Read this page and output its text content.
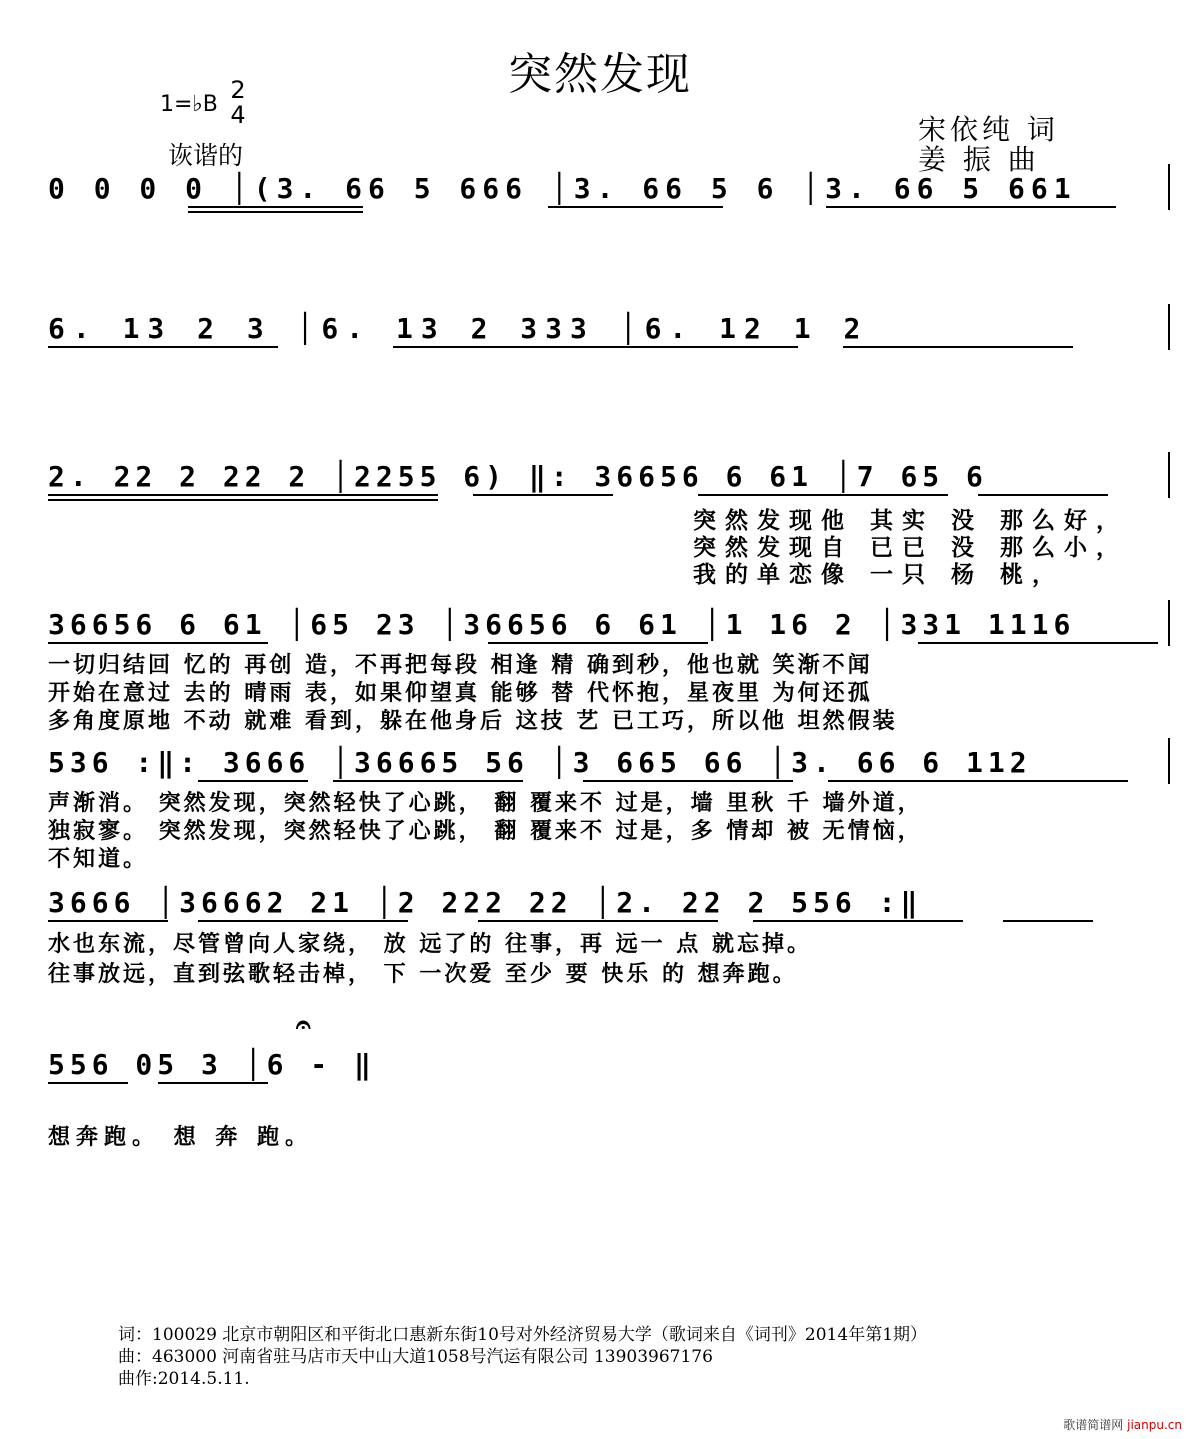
突然发现
1=♭B
2
4
诙谐的
宋依纯 词
姜 振 曲
0 0 0 0 │(3. 66 5 666 │3. 66 5 6 │3. 66 5 661
6. 13 2 3 │6. 13 2 333 │6. 12 1 2
2. 22 2 22 2 │2255 6) ‖: 36656 6 61 │7 65 6
突然发现他 其实 没 那么好，
突然发现自 已已 没 那么小，
我的单恋像 一只 杨 桃，
36656 6 61 │65 23 │36656 6 61 │1 16 2 │331 1116
一切归结回 忆的 再创 造，不再把每段 相逢 精 确到秒，他也就 笑渐不闻
开始在意过 去的 晴雨 表，如果仰望真 能够 替 代怀抱，星夜里 为何还孤
多角度原地 不动 就难 看到，躲在他身后 这技 艺 已工巧，所以他 坦然假装
536 :‖: 3666 │36665 56 │3 665 66 │3. 66 6 112
声渐消。 突然发现，突然轻快了心跳， 翻 覆来不 过是，墙 里秋 千 墙外道，
独寂寥。 突然发现，突然轻快了心跳， 翻 覆来不 过是，多 情却 被 无情恼，
不知道。
3666 │36662 21 │2 222 22 │2. 22 2 556 :‖
水也东流，尽管曾向人家绕， 放 远了的 往事，再 远一 点 就忘掉。
往事放远，直到弦歌轻击棹， 下 一次爱 至少 要 快乐 的 想奔跑。
𝄐
556 05 3 │6 - ‖
想奔跑。 想 奔 跑。
词：100029 北京市朝阳区和平街北口惠新东街10号对外经济贸易大学（歌词来自《词刊》2014年第1期）
曲：463000 河南省驻马店市天中山大道1058号汽运有限公司 13903967176
曲作:2014.5.11.
歌谱简谱网 jianpu.cn
